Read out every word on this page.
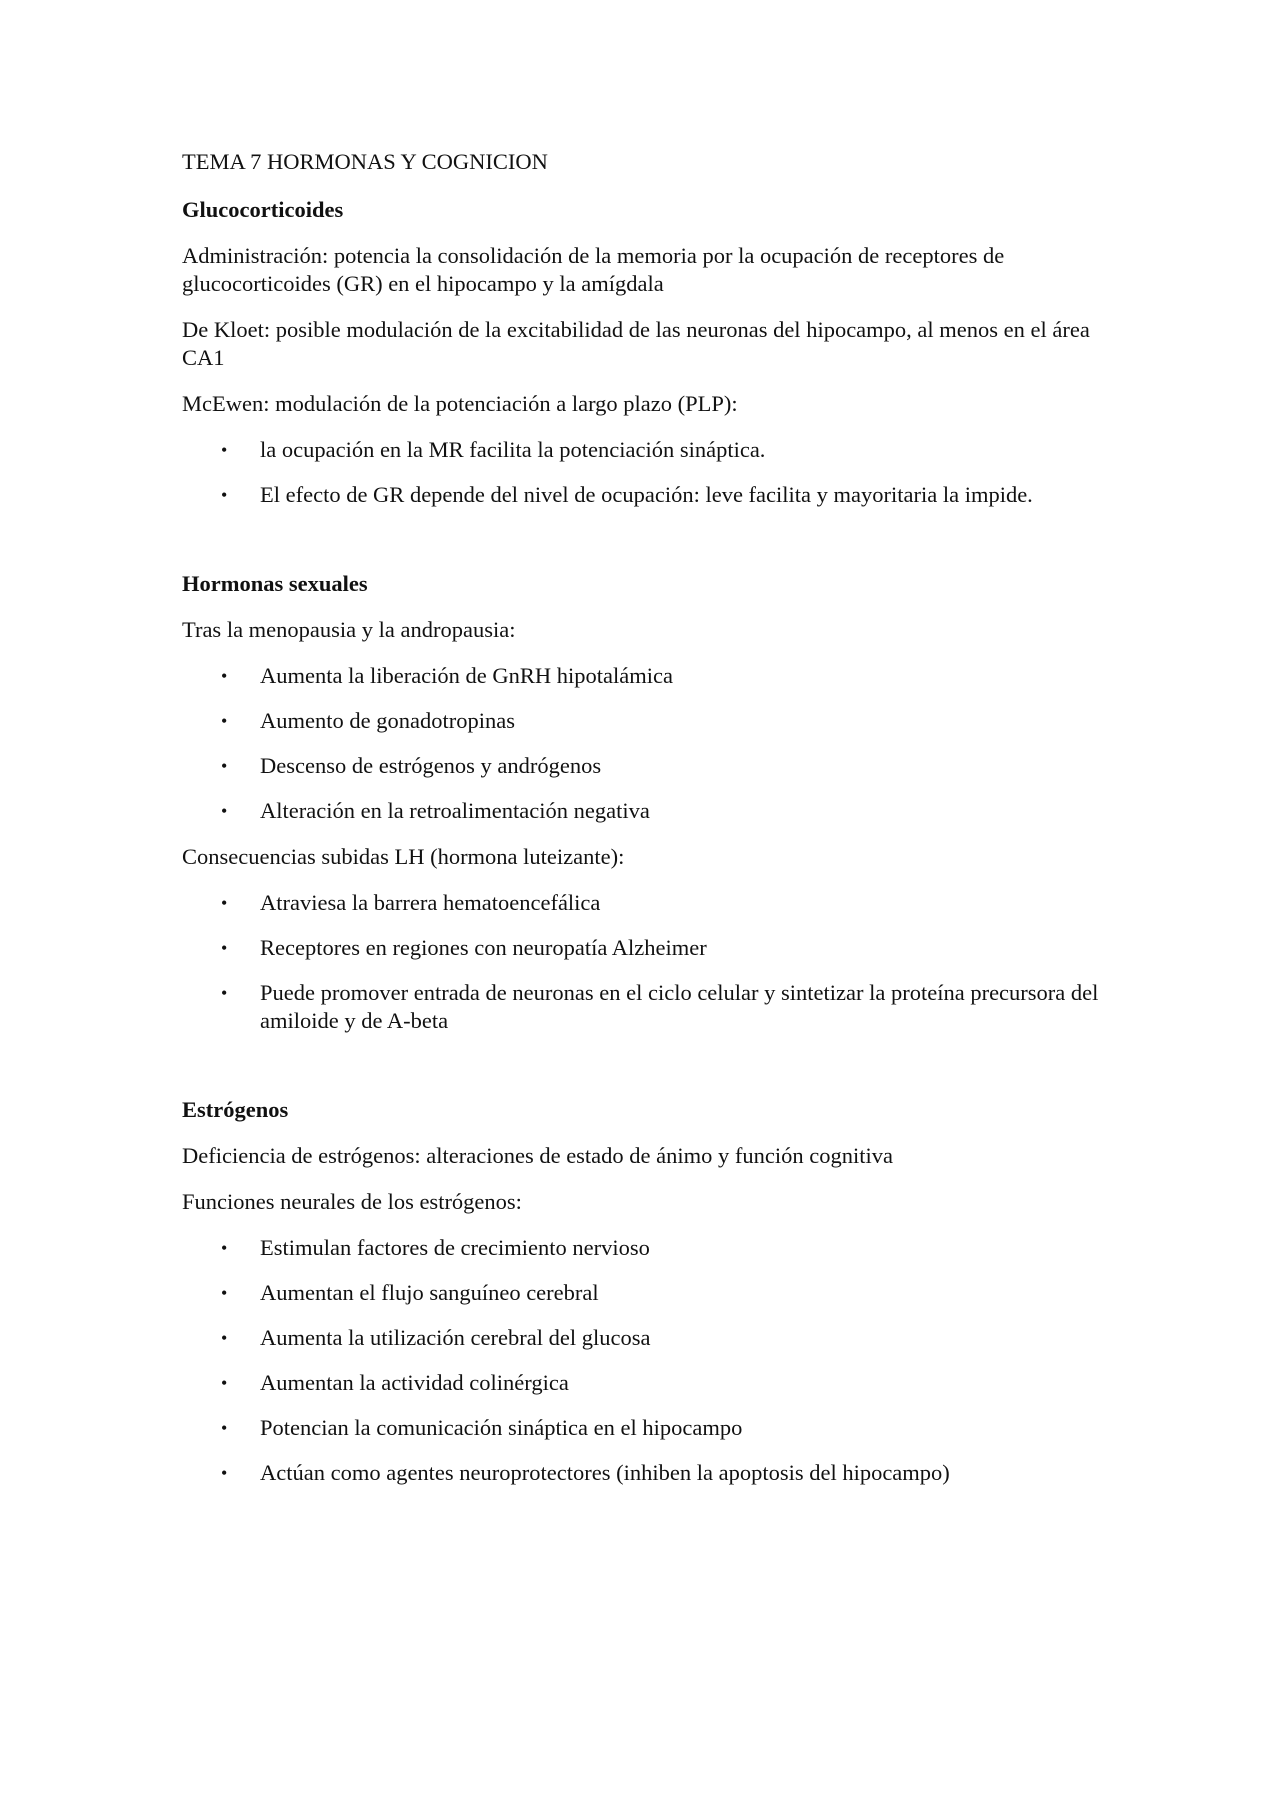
TEMA 7 HORMONAS Y COGNICION
Glucocorticoides
Administración: potencia la consolidación de la memoria por la ocupación de receptores de glucocorticoides (GR) en el hipocampo y la amígdala
De Kloet: posible modulación de la excitabilidad de las neuronas del hipocampo, al menos en el área CA1
McEwen: modulación de la potenciación a largo plazo (PLP):
• la ocupación en la MR facilita la potenciación sináptica.
• El efecto de GR depende del nivel de ocupación: leve facilita y mayoritaria la impide.
Hormonas sexuales
Tras la menopausia y la andropausia:
• Aumenta la liberación de GnRH hipotalámica
• Aumento de gonadotropinas
• Descenso de estrógenos y andrógenos
• Alteración en la retroalimentación negativa
Consecuencias subidas LH (hormona luteizante):
• Atraviesa la barrera hematoencefálica
• Receptores en regiones con neuropatía Alzheimer
• Puede promover entrada de neuronas en el ciclo celular y sintetizar la proteína precursora del amiloide y de A-beta
Estrógenos
Deficiencia de estrógenos: alteraciones de estado de ánimo y función cognitiva
Funciones neurales de los estrógenos:
• Estimulan factores de crecimiento nervioso
• Aumentan el flujo sanguíneo cerebral
• Aumenta la utilización cerebral del glucosa
• Aumentan la actividad colinérgica
• Potencian la comunicación sináptica en el hipocampo
• Actúan como agentes neuroprotectores (inhiben la apoptosis del hipocampo)
